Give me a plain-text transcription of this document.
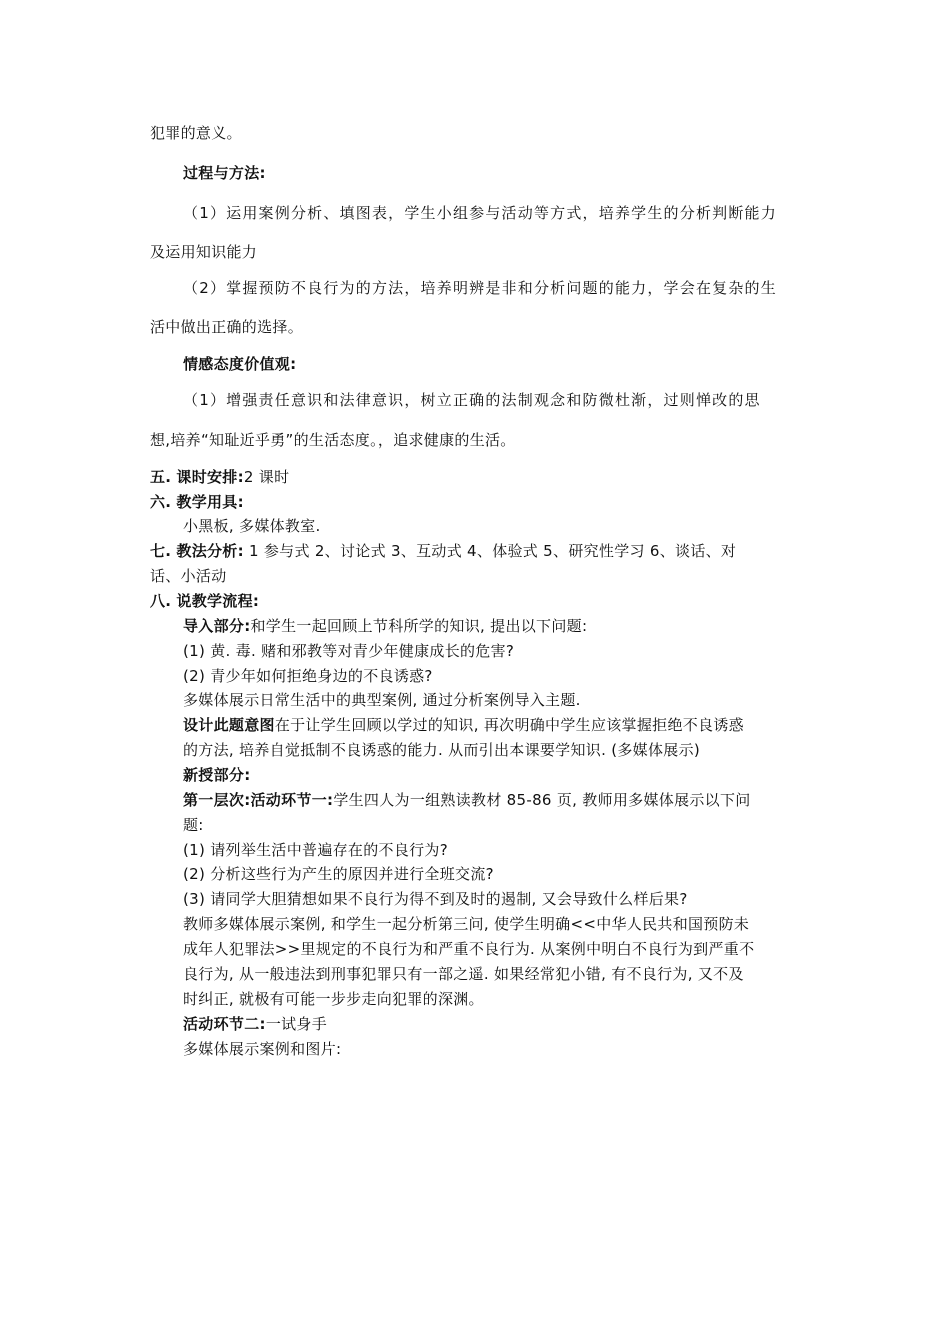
犯罪的意义。
过程与方法:
（1）运用案例分析、填图表，学生小组参与活动等方式，培养学生的分析判断能力
及运用知识能力
（2）掌握预防不良行为的方法，培养明辨是非和分析问题的能力，学会在复杂的生
活中做出正确的选择。
情感态度价值观:
（1）增强责任意识和法律意识，树立正确的法制观念和防微杜渐，过则惮改的思
想,培养“知耻近乎勇”的生活态度。，追求健康的生活。
五. 课时安排:2 课时
六. 教学用具:
小黑板, 多媒体教室.
七. 教法分析: 1 参与式 2、讨论式 3、互动式 4、体验式 5、研究性学习 6、谈话、对
话、小活动
八. 说教学流程:
导入部分:和学生一起回顾上节科所学的知识, 提出以下问题:
(1) 黄. 毒. 赌和邪教等对青少年健康成长的危害?
(2) 青少年如何拒绝身边的不良诱惑?
多媒体展示日常生活中的典型案例, 通过分析案例导入主题.
设计此题意图在于让学生回顾以学过的知识, 再次明确中学生应该掌握拒绝不良诱惑
的方法, 培养自觉抵制不良诱惑的能力. 从而引出本课要学知识. (多媒体展示)
新授部分:
第一层次:活动环节一:学生四人为一组熟读教材 85-86 页, 教师用多媒体展示以下问
题:
(1) 请列举生活中普遍存在的不良行为?
(2) 分析这些行为产生的原因并进行全班交流?
(3) 请同学大胆猜想如果不良行为得不到及时的遏制, 又会导致什么样后果?
教师多媒体展示案例, 和学生一起分析第三问, 使学生明确<<中华人民共和国预防未
成年人犯罪法>>里规定的不良行为和严重不良行为. 从案例中明白不良行为到严重不
良行为, 从一般违法到刑事犯罪只有一部之遥. 如果经常犯小错, 有不良行为, 又不及
时纠正, 就极有可能一步步走向犯罪的深渊。
活动环节二:一试身手
多媒体展示案例和图片:
